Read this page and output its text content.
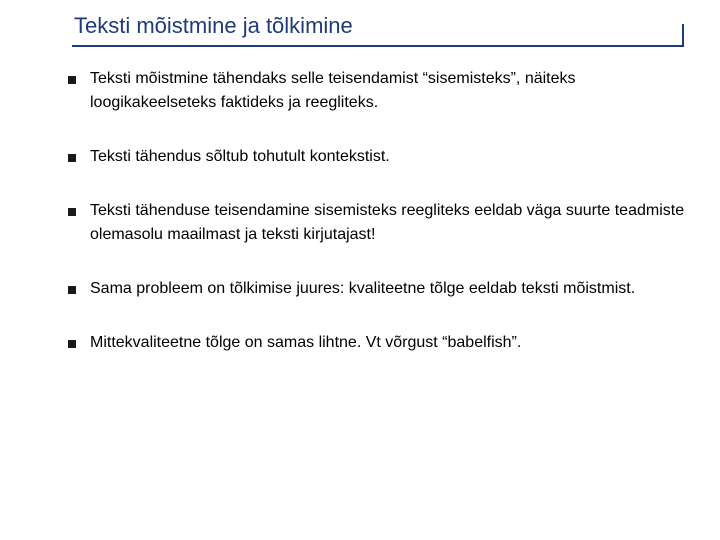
Teksti mõistmine ja tõlkimine
Teksti mõistmine tähendaks selle teisendamist “sisemisteks”, näiteks loogikakeelseteks faktideks ja reegliteks.
Teksti tähendus sõltub tohutult kontekstist.
Teksti tähenduse teisendamine sisemisteks reegliteks eeldab väga suurte teadmiste olemasolu maailmast ja teksti kirjutajast!
Sama probleem on tõlkimise juures: kvaliteetne tõlge eeldab teksti mõistmist.
Mittekvaliteetne tõlge on samas lihtne. Vt võrgust “babelfish”.
